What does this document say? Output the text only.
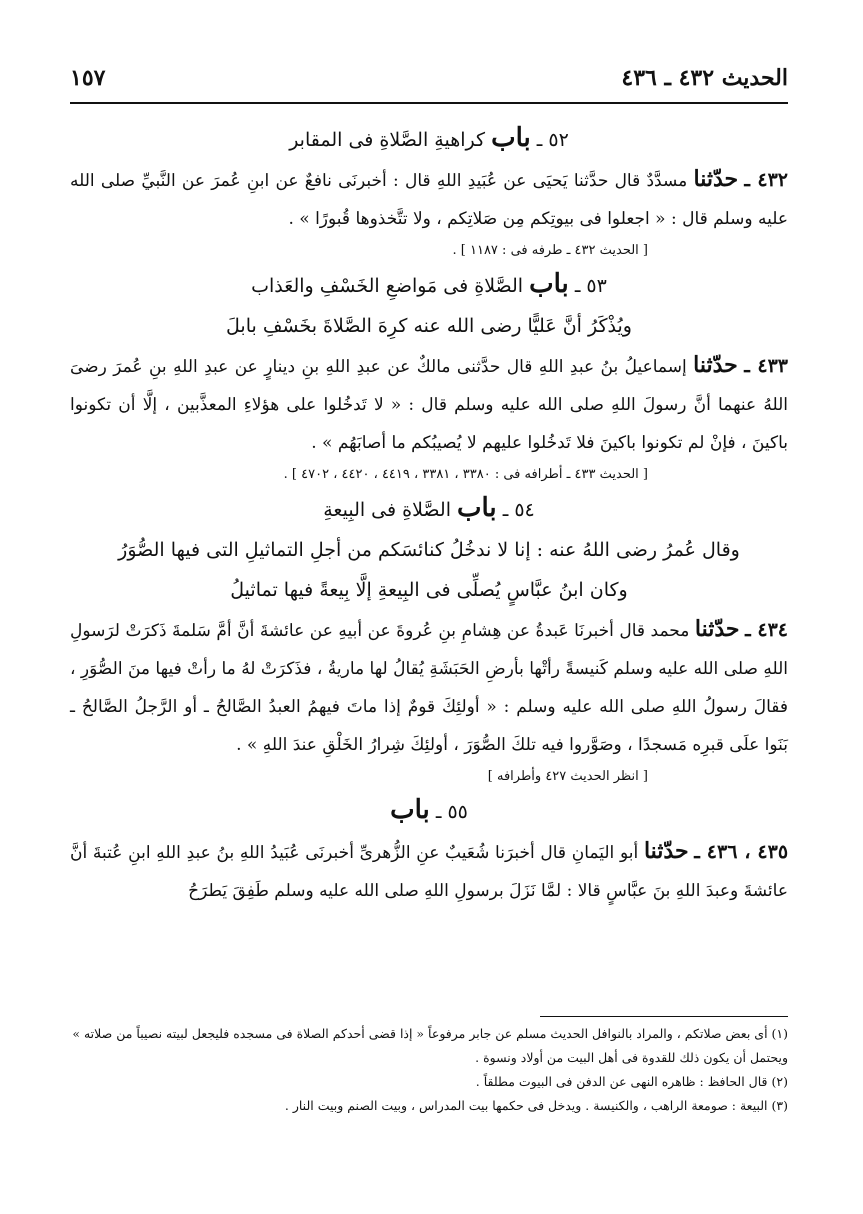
١٥٧	الحديث ٤٣٢ ـ ٤٣٦
٥٢ ـ باب كراهيةِ الصَّلاةِ فى المقابر

٤٣٢ ـ حدّثنا مسدَّدٌ قال حدَّثنا يَحيَى عن عُبَيدِ اللهِ قال : أخبرنَى نافعٌ عن ابنِ عُمرَ عن النَّبيِّ صلى الله عليه وسلم قال : « اجعلوا فى بيوتِكم مِن صَلاتِكم ، ولا تتَّخذوها قُبورًا » .

[ الحديث ٤٣٢ ـ طرفه فى : ١١٨٧ ] .
٥٣ ـ باب الصَّلاةِ فى مَواضعِ الخَسْفِ والعَذاب
ويُذْكَرُ أنَّ عَليًّا رضى الله عنه كرِهَ الصَّلاةَ بخَسْفِ بابلَ

٤٣٣ ـ حدّثنا إسماعيلُ بنُ عبدِ اللهِ قال حدَّثنى مالكٌ عن عبدِ اللهِ بنِ دينارٍ عن عبدِ اللهِ بنِ عُمرَ رضىَ اللهُ عنهما أنَّ رسولَ اللهِ صلى الله عليه وسلم قال : « لا تَدخُلوا على هؤلاءِ المعذَّبين ، إلَّا أن تكونوا باكينَ ، فإنْ لم تكونوا باكينَ فلا تَدخُلوا عليهم لا يُصيبُكم ما أصابَهُم » .

[ الحديث ٤٣٣ ـ أطرافه فى : ٣٣٨٠ ، ٣٣٨١ ، ٤٤١٩ ، ٤٤٢٠ ، ٤٧٠٢ ] .
٥٤ ـ باب الصَّلاةِ فى البِيعةِ
وقال عُمرُ رضى اللهُ عنه : إنا لا ندخُلُ كنائسَكم من أجلِ التماثيلِ التى فيها الصُّوَرُ
وكان ابنُ عبَّاسٍ يُصلِّى فى البِيعةِ إلَّا بِيعةً فيها تماثيلُ

٤٣٤ ـ حدّثنا محمد قال أخبرنَا عَبدةُ عن هِشامِ بنِ عُروةَ عن أبيهِ عن عائشةَ أنَّ أمَّ سَلمةَ ذَكرَتْ لرَسولِ اللهِ صلى الله عليه وسلم كَنيسةً رأتْها بأرضِ الحَبَشَةِ يُقالُ لها ماريةُ ، فذَكرَتْ لهُ ما رأتْ فيها منَ الصُّوَرِ ، فقالَ رسولُ اللهِ صلى الله عليه وسلم : « أولئِكَ قومٌ إذا ماتَ فيهمُ العبدُ الصَّالحُ ـ أو الرَّجلُ الصَّالحُ ـ بَنَوا علَى قبرِه مَسجدًا ، وصَوَّروا فيه تلكَ الصُّوَرَ ، أولئِكَ شِرارُ الخَلْقِ عندَ اللهِ » .

[ انظر الحديث ٤٢٧ وأطرافه ]
٥٥ ـ باب

٤٣٥ ، ٤٣٦ ـ حدّثنا أبو اليَمانِ قال أخبرَنا شُعَيبٌ عنِ الزُّهرىِّ أخبرنَى عُبَيدُ اللهِ بنُ عبدِ اللهِ ابنِ عُتبةَ أنَّ عائشةَ وعبدَ اللهِ بنَ عبَّاسٍ قالا : لمَّا نَزَلَ برسولِ اللهِ صلى الله عليه وسلم طَفِقَ يَطرَحُ

(١) أى بعض صلاتكم ، والمراد بالنوافل الحديث مسلم عن جابر مرفوعاً « إذا قضى أحدكم الصلاة فى مسجده فليجعل لبيته نصيباً من صلاته » ويحتمل أن يكون ذلك للقدوة فى أهل البيت من أولاد ونسوة .

(٢) قال الحافظ : ظاهره النهى عن الدفن فى البيوت مطلقاً .

(٣) البيعة : صومعة الراهب ، والكنيسة . ويدخل فى حكمها بيت المدراس ، وبيت الصنم وبيت النار .
